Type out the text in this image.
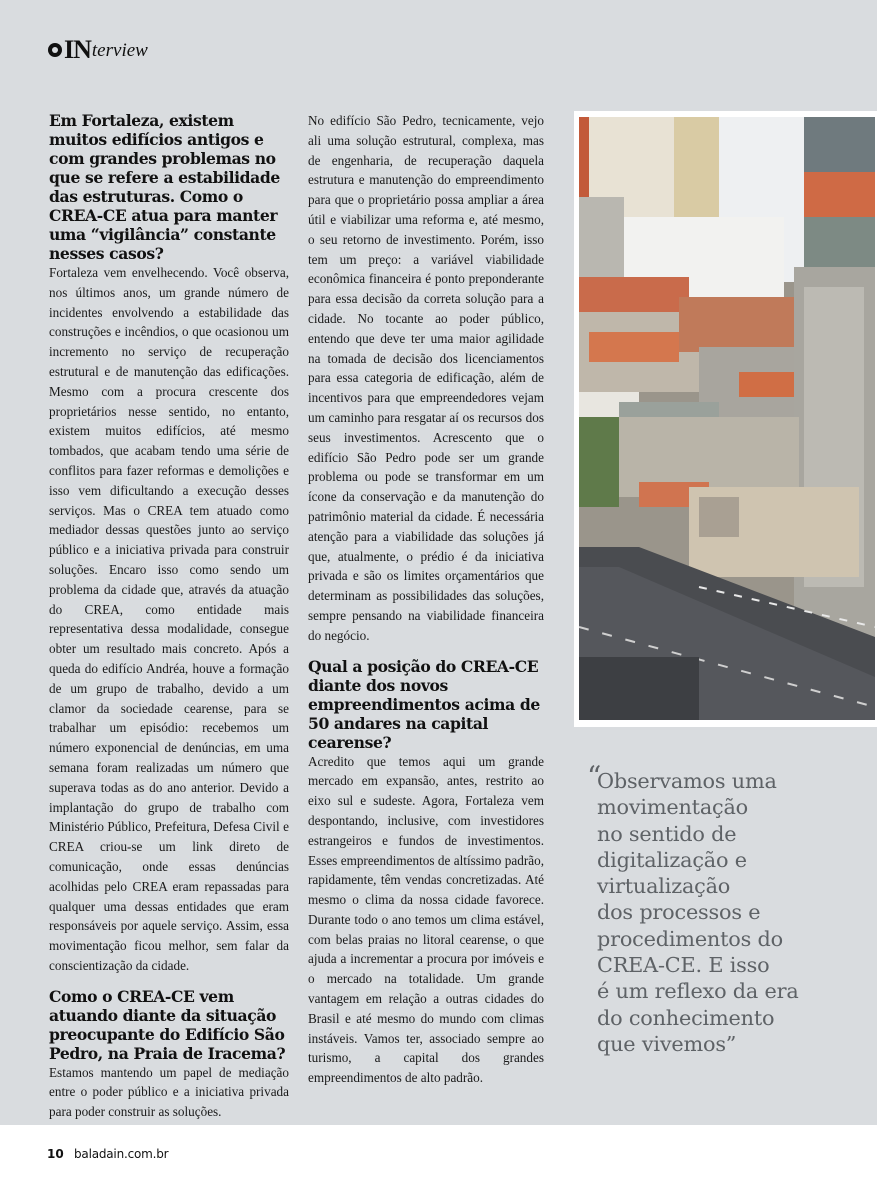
IN terview

Em Fortaleza, existem muitos edifícios antigos e com grandes problemas no que se refere a estabilidade das estruturas. Como o CREA-CE atua para manter uma “vigilância” constante nesses casos?

Fortaleza vem envelhecendo. Você observa, nos últimos anos, um grande número de incidentes envolvendo a estabilidade das construções e incêndios, o que ocasionou um incremento no serviço de recuperação estrutural e de manutenção das edificações. Mesmo com a procura crescente dos proprietários nesse sentido, no entanto, existem muitos edifícios, até mesmo tombados, que acabam tendo uma série de conflitos para fazer reformas e demolições e isso vem dificultando a execução desses serviços. Mas o CREA tem atuado como mediador dessas questões junto ao serviço público e a iniciativa privada para construir soluções. Encaro isso como sendo um problema da cidade que, através da atuação do CREA, como entidade mais representativa dessa modalidade, consegue obter um resultado mais concreto. Após a queda do edifício Andréa, houve a formação de um grupo de trabalho, devido a um clamor da sociedade cearense, para se trabalhar um episódio: recebemos um número exponencial de denúncias, em uma semana foram realizadas um número que superava todas as do ano anterior. Devido a implantação do grupo de trabalho com Ministério Público, Prefeitura, Defesa Civil e CREA criou-se um link direto de comunicação, onde essas denúncias acolhidas pelo CREA eram repassadas para qualquer uma dessas entidades que eram responsáveis por aquele serviço. Assim, essa movimentação ficou melhor, sem falar da conscientização da cidade.

Como o CREA-CE vem atuando diante da situação preocupante do Edifício São Pedro, na Praia de Iracema?

Estamos mantendo um papel de mediação entre o poder público e a iniciativa privada para poder construir as soluções.

No edifício São Pedro, tecnicamente, vejo ali uma solução estrutural, complexa, mas de engenharia, de recuperação daquela estrutura e manutenção do empreendimento para que o proprietário possa ampliar a área útil e viabilizar uma reforma e, até mesmo, o seu retorno de investimento. Porém, isso tem um preço: a variável viabilidade econômica financeira é ponto preponderante para essa decisão da correta solução para a cidade. No tocante ao poder público, entendo que deve ter uma maior agilidade na tomada de decisão dos licenciamentos para essa categoria de edificação, além de incentivos para que empreendedores vejam um caminho para resgatar aí os recursos dos seus investimentos. Acrescento que o edifício São Pedro pode ser um grande problema ou pode se transformar em um ícone da conservação e da manutenção do patrimônio material da cidade. É necessária atenção para a viabilidade das soluções já que, atualmente, o prédio é da iniciativa privada e são os limites orçamentários que determinam as possibilidades das soluções, sempre pensando na viabilidade financeira do negócio.

Qual a posição do CREA-CE diante dos novos empreendimentos acima de 50 andares na capital cearense?

Acredito que temos aqui um grande mercado em expansão, antes, restrito ao eixo sul e sudeste. Agora, Fortaleza vem despontando, inclusive, com investidores estrangeiros e fundos de investimentos. Esses empreendimentos de altíssimo padrão, rapidamente, têm vendas concretizadas. Até mesmo o clima da nossa cidade favorece. Durante todo o ano temos um clima estável, com belas praias no litoral cearense, o que ajuda a incrementar a procura por imóveis e o mercado na totalidade. Um grande vantagem em relação a outras cidades do Brasil e até mesmo do mundo com climas instáveis. Vamos ter, associado sempre ao turismo, a capital dos grandes empreendimentos de alto padrão.

“
Observamos uma
movimentação
no sentido de
digitalização e
virtualização
dos processos e
procedimentos do
CREA-CE. E isso
é um reflexo da era
do conhecimento
que vivemos”
10 baladain.com.br
